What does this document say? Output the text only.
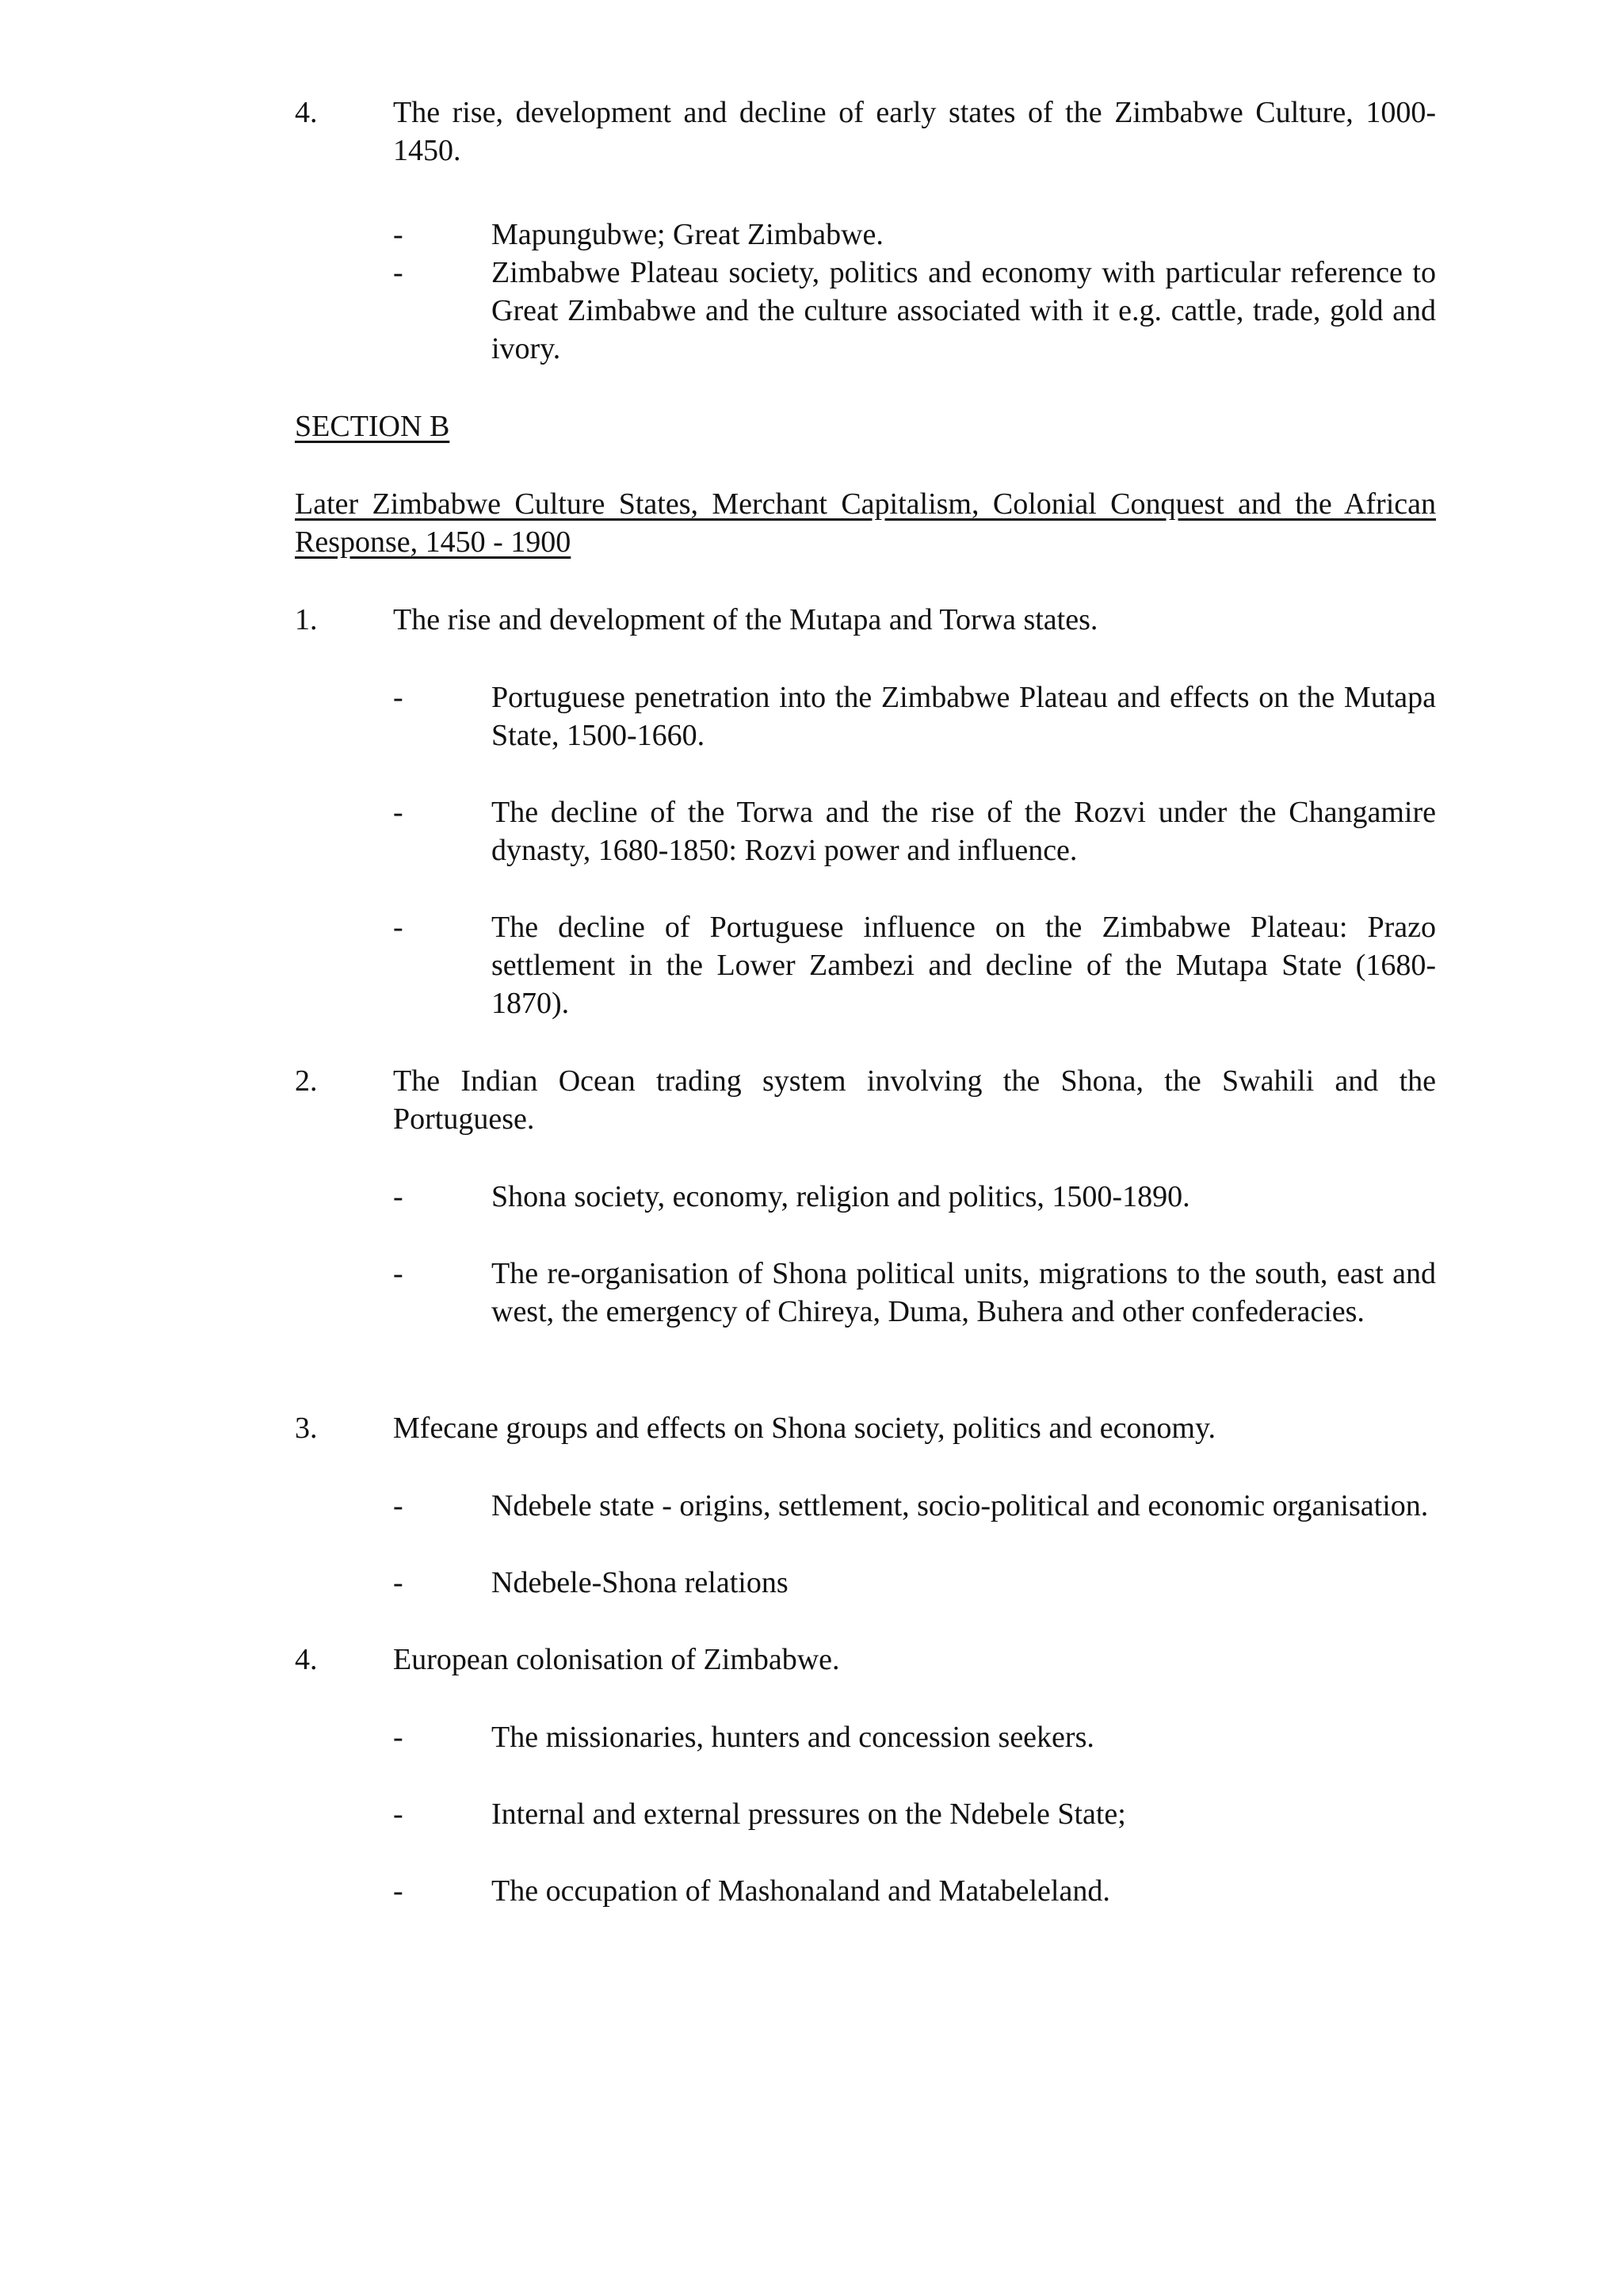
4.	The rise, development and decline of early states of the Zimbabwe Culture, 1000-1450.
-	Mapungubwe; Great Zimbabwe.
-	Zimbabwe Plateau society, politics and economy with particular reference to Great Zimbabwe and the culture associated with it e.g. cattle, trade, gold and ivory.
SECTION B
Later Zimbabwe Culture States, Merchant Capitalism, Colonial Conquest and the African Response, 1450 - 1900
1.	The rise and development of the Mutapa and Torwa states.
-	Portuguese penetration into the Zimbabwe Plateau and effects on the Mutapa State, 1500-1660.
-	The decline of the Torwa and the rise of the Rozvi under the Changamire dynasty, 1680-1850: Rozvi power and influence.
-	The decline of Portuguese influence on the Zimbabwe Plateau: Prazo settlement in the Lower Zambezi and decline of the Mutapa State (1680-1870).
2.	The Indian Ocean trading system involving the Shona, the Swahili and the Portuguese.
-	Shona society, economy, religion and politics, 1500-1890.
-	The re-organisation of Shona political units, migrations to the south, east and west, the emergency of Chireya, Duma, Buhera and other confederacies.
3.	Mfecane groups and effects on Shona society, politics and economy.
-	Ndebele state - origins, settlement, socio-political and economic organisation.
-	Ndebele-Shona relations
4.	European colonisation of Zimbabwe.
-	The missionaries, hunters and concession seekers.
-	Internal and external pressures on the Ndebele State;
-	The occupation of Mashonaland and Matabeleland.
